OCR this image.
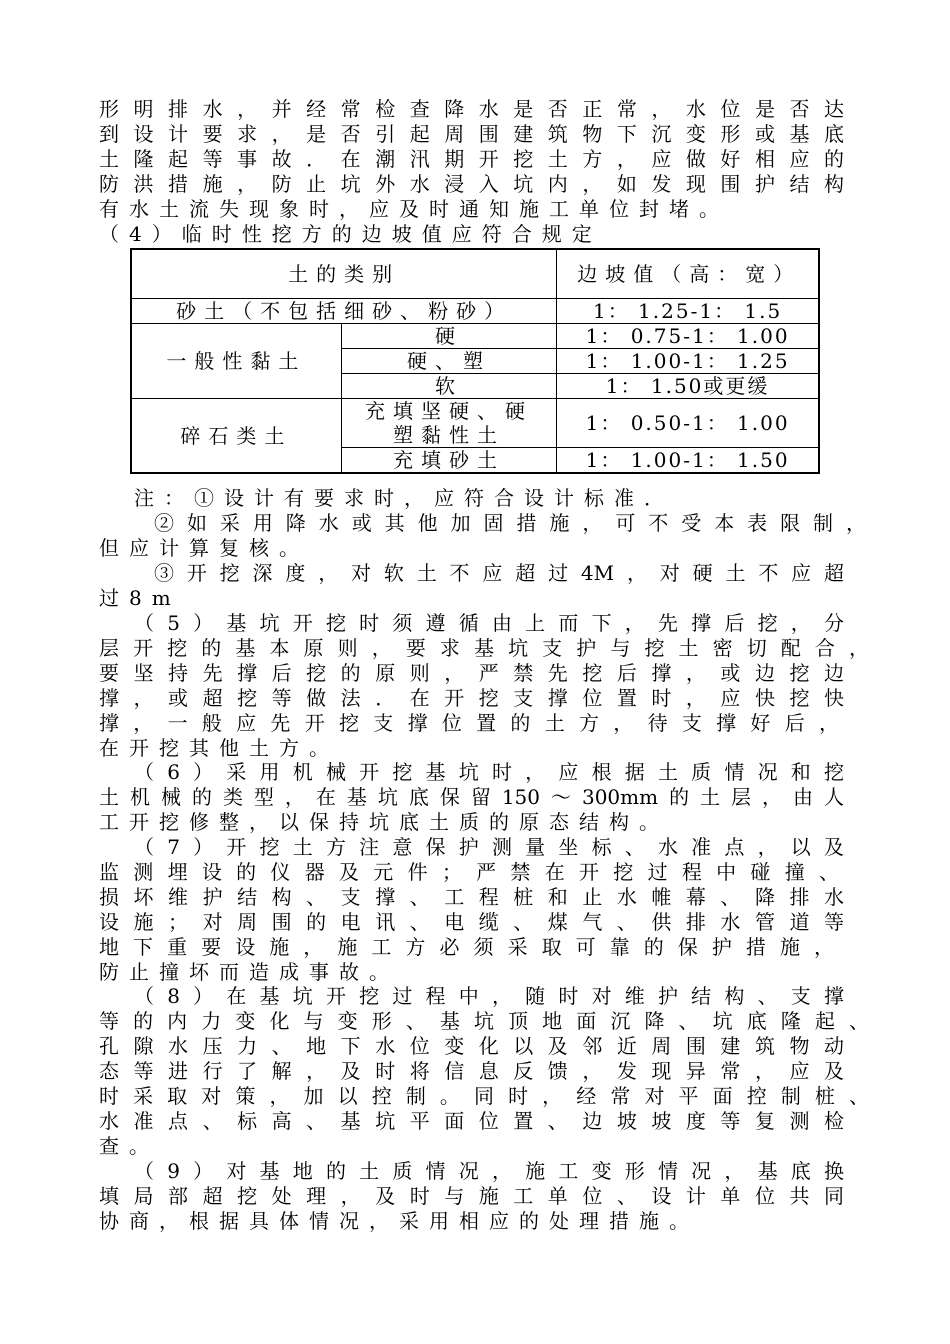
形明排水，并经常检查降水是否正常，水位是否达
到设计要求，是否引起周围建筑物下沉变形或基底
土隆起等事故．在潮汛期开挖土方，应做好相应的
防洪措施，防止坑外水浸入坑内，如发现围护结构
有水土流失现象时，应及时通知施工单位封堵。
（4）临时性挖方的边坡值应符合规定
土的类别		边坡值（高：宽）
砂土（不包括细砂、粉砂）		1： 1.25-1： 1.5
一般性黏土	硬	1： 0.75-1： 1.00
	硬、塑	1： 1.00-1： 1.25
	软	1： 1.50或更缓
碎石类土	充填坚硬、硬塑黏性土	1： 0.50-1： 1.00
	充填砂土	1： 1.00-1： 1.50
注：①设计有要求时，应符合设计标准．
②如采用降水或其他加固措施，可不受本表限制，
但应计算复核。
③开挖深度，对软土不应超过4M，对硬土不应超
过8m
（5）基坑开挖时须遵循由上而下，先撑后挖，分
层开挖的基本原则，要求基坑支护与挖土密切配合，
要坚持先撑后挖的原则，严禁先挖后撑，或边挖边
撑，或超挖等做法．在开挖支撑位置时，应快挖快
撑，一般应先开挖支撑位置的土方，待支撑好后，
在开挖其他土方。
（6）采用机械开挖基坑时，应根据土质情况和挖
土机械的类型，在基坑底保留150～300mm的土层，由人
工开挖修整，以保持坑底土质的原态结构。
（7）开挖土方注意保护测量坐标、水准点，以及
监测埋设的仪器及元件；严禁在开挖过程中碰撞、
损坏维护结构、支撑、工程桩和止水帷幕、降排水
设施；对周围的电讯、电缆、煤气、供排水管道等
地下重要设施，施工方必须采取可靠的保护措施，
防止撞坏而造成事故。
（8）在基坑开挖过程中，随时对维护结构、支撑
等的内力变化与变形、基坑顶地面沉降、坑底隆起、
孔隙水压力、地下水位变化以及邻近周围建筑物动
态等进行了解，及时将信息反馈，发现异常，应及
时采取对策，加以控制。同时，经常对平面控制桩、
水准点、标高、基坑平面位置、边坡坡度等复测检
查。
（9）对基地的土质情况，施工变形情况，基底换
填局部超挖处理，及时与施工单位、设计单位共同
协商，根据具体情况，采用相应的处理措施。
